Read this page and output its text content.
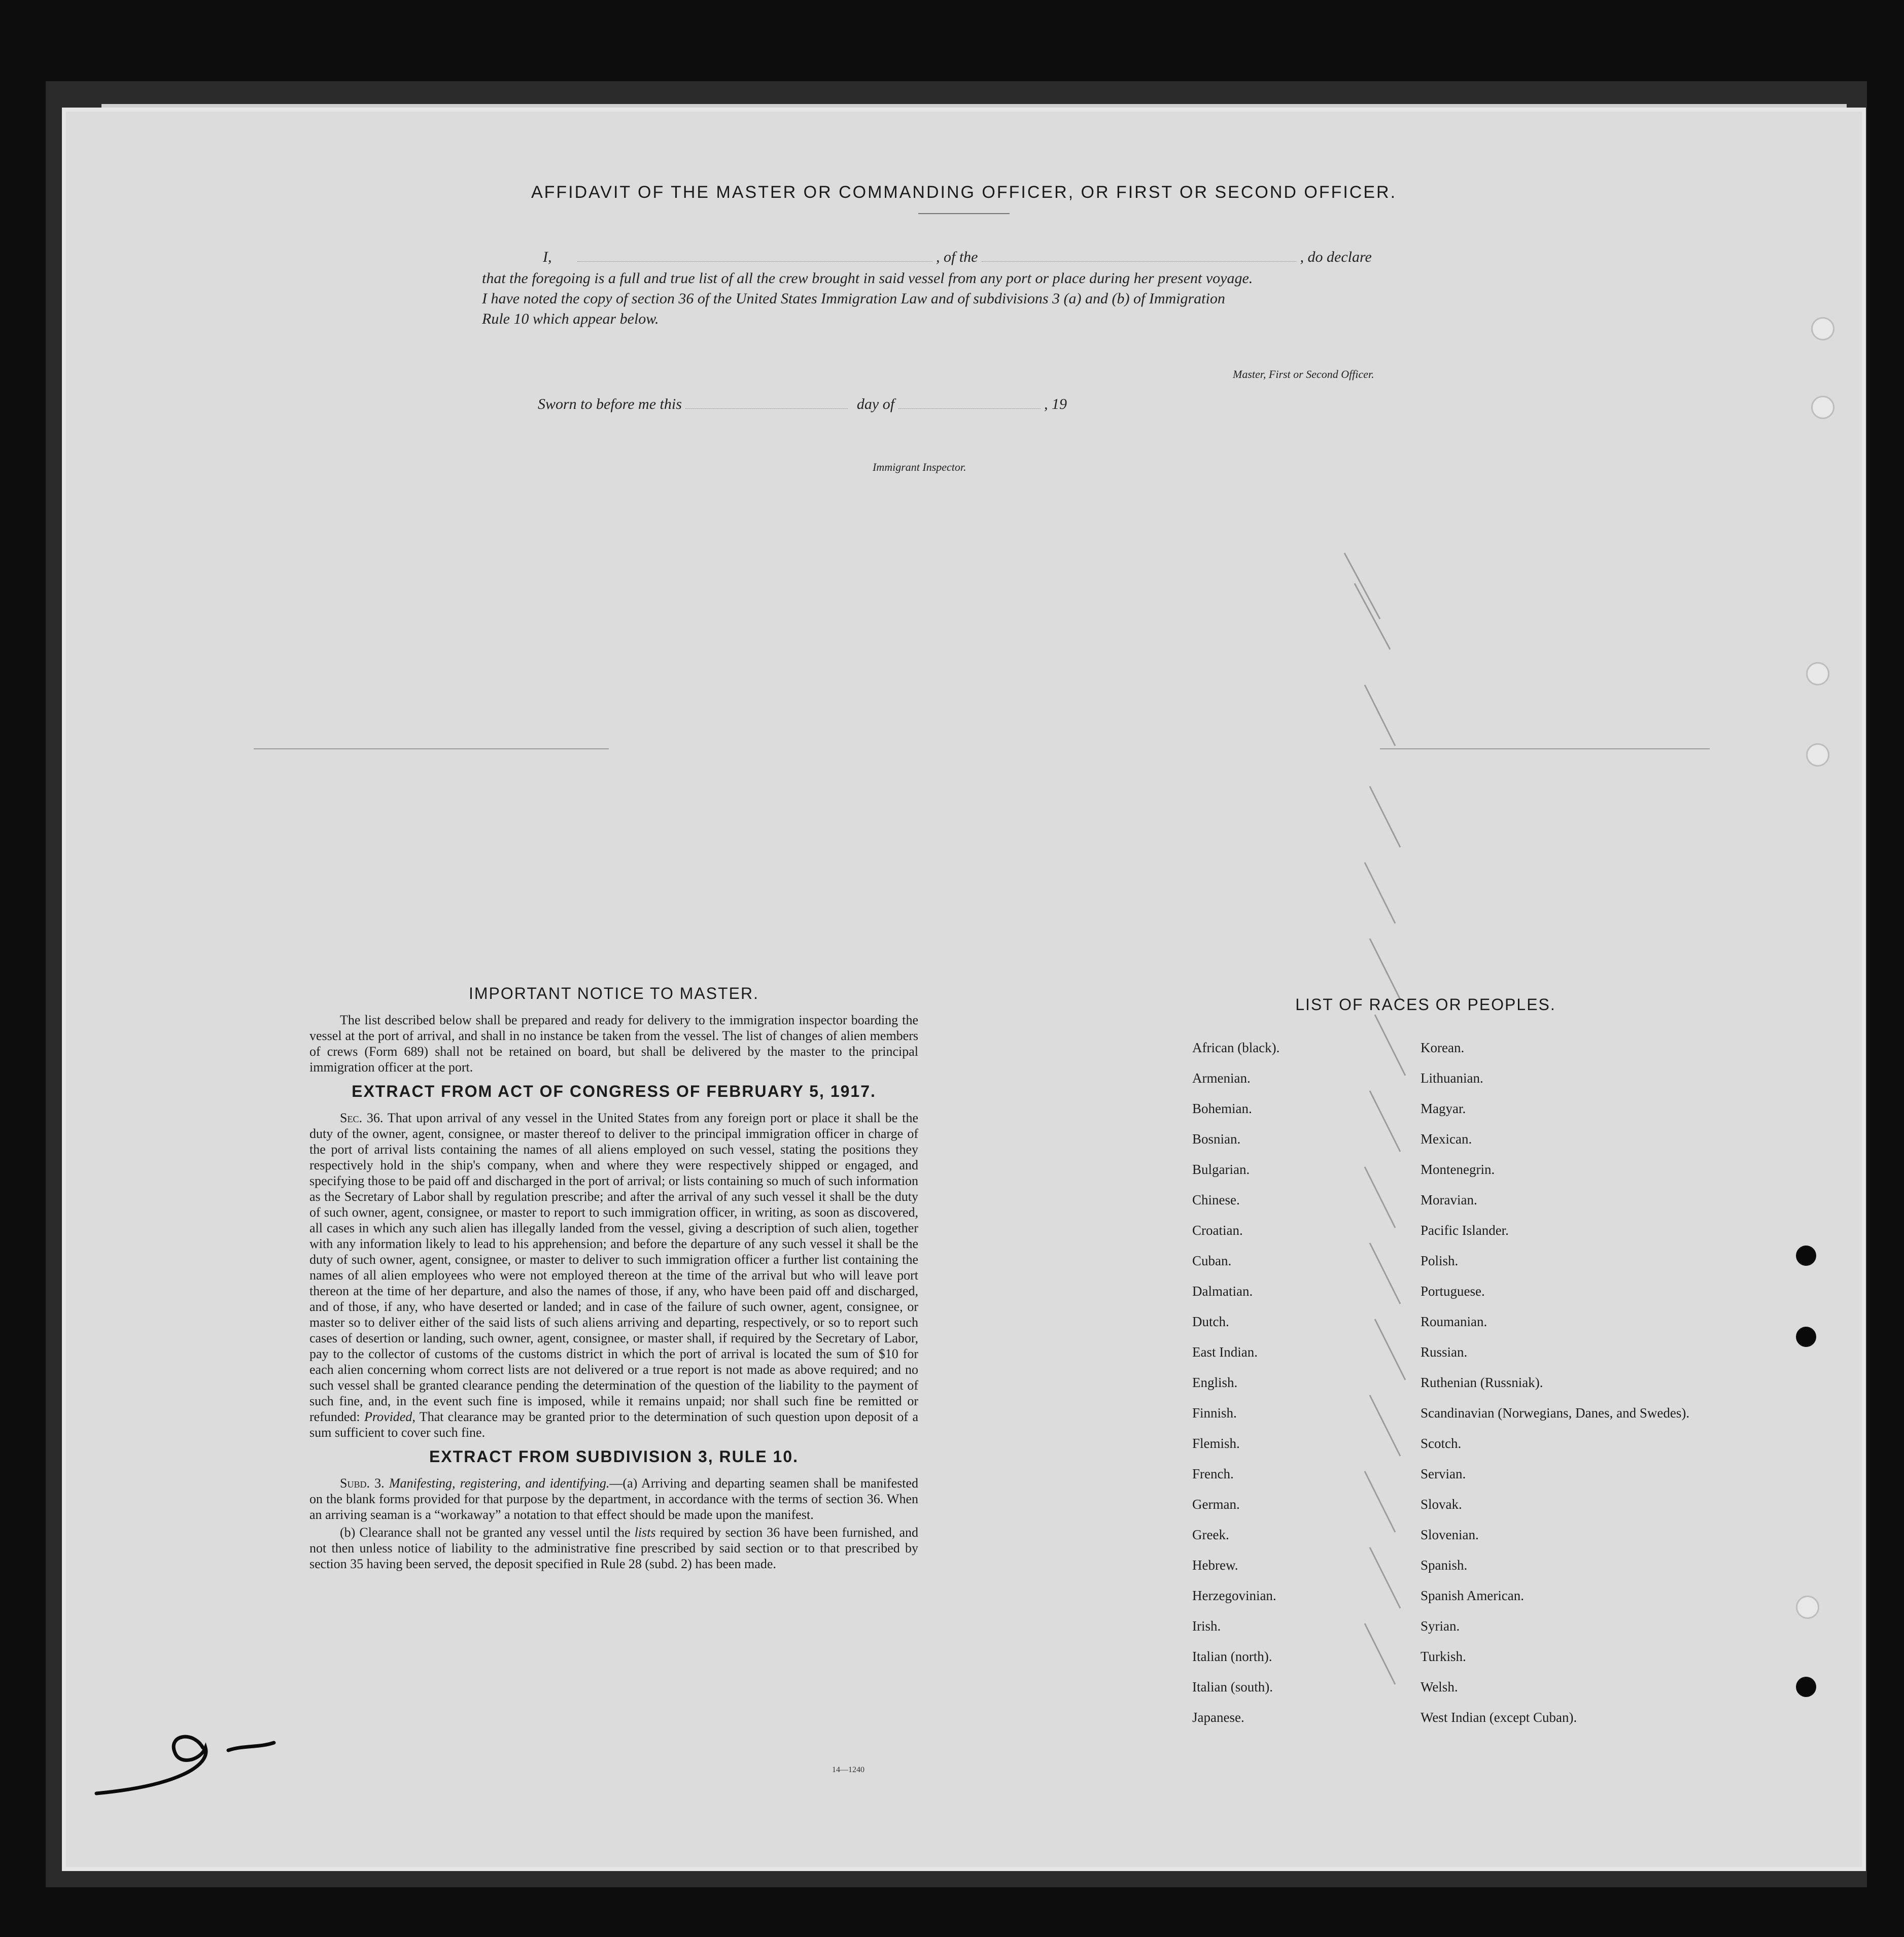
AFFIDAVIT OF THE MASTER OR COMMANDING OFFICER, OR FIRST OR SECOND OFFICER.
I,	, of the	, do declare
that the foregoing is a full and true list of all the crew brought in said vessel from any port or place during her present voyage.
I have noted the copy of section 36 of the United States Immigration Law and of subdivisions 3 (a) and (b) of Immigration
Rule 10 which appear below.
Master, First or Second Officer.
Sworn to before me this	day of	, 19
Immigrant Inspector.
IMPORTANT NOTICE TO MASTER.

The list described below shall be prepared and ready for delivery to the immigration inspector boarding the vessel at the port of arrival, and shall in no instance be taken from the vessel. The list of changes of alien members of crews (Form 689) shall not be retained on board, but shall be delivered by the master to the principal immigration officer at the port.

EXTRACT FROM ACT OF CONGRESS OF FEBRUARY 5, 1917.

Sec. 36. That upon arrival of any vessel in the United States from any foreign port or place it shall be the duty of the owner, agent, consignee, or master thereof to deliver to the principal immigration officer in charge of the port of arrival lists containing the names of all aliens employed on such vessel, stating the positions they respectively hold in the ship's company, when and where they were respectively shipped or engaged, and specifying those to be paid off and discharged in the port of arrival; or lists containing so much of such information as the Secretary of Labor shall by regulation prescribe; and after the arrival of any such vessel it shall be the duty of such owner, agent, consignee, or master to report to such immigration officer, in writing, as soon as discovered, all cases in which any such alien has illegally landed from the vessel, giving a description of such alien, together with any information likely to lead to his apprehension; and before the departure of any such vessel it shall be the duty of such owner, agent, consignee, or master to deliver to such immigration officer a further list containing the names of all alien employees who were not employed thereon at the time of the arrival but who will leave port thereon at the time of her departure, and also the names of those, if any, who have been paid off and discharged, and of those, if any, who have deserted or landed; and in case of the failure of such owner, agent, consignee, or master so to deliver either of the said lists of such aliens arriving and departing, respectively, or so to report such cases of desertion or landing, such owner, agent, consignee, or master shall, if required by the Secretary of Labor, pay to the collector of customs of the customs district in which the port of arrival is located the sum of $10 for each alien concerning whom correct lists are not delivered or a true report is not made as above required; and no such vessel shall be granted clearance pending the determination of the question of the liability to the payment of such fine, and, in the event such fine is imposed, while it remains unpaid; nor shall such fine be remitted or refunded: Provided, That clearance may be granted prior to the determination of such question upon deposit of a sum sufficient to cover such fine.

EXTRACT FROM SUBDIVISION 3, RULE 10.

Subd. 3. Manifesting, registering, and identifying.—(a) Arriving and departing seamen shall be manifested on the blank forms provided for that purpose by the department, in accordance with the terms of section 36. When an arriving seaman is a “workaway” a notation to that effect should be made upon the manifest.

(b) Clearance shall not be granted any vessel until the lists required by section 36 have been furnished, and not then unless notice of liability to the administrative fine prescribed by said section or to that prescribed by section 35 having been served, the deposit specified in Rule 28 (subd. 2) has been made.

14—1240
LIST OF RACES OR PEOPLES.
African (black).
Armenian.
Bohemian.
Bosnian.
Bulgarian.
Chinese.
Croatian.
Cuban.
Dalmatian.
Dutch.
East Indian.
English.
Finnish.
Flemish.
French.
German.
Greek.
Hebrew.
Herzegovinian.
Irish.
Italian (north).
Italian (south).
Japanese.
Korean.
Lithuanian.
Magyar.
Mexican.
Montenegrin.
Moravian.
Pacific Islander.
Polish.
Portuguese.
Roumanian.
Russian.
Ruthenian (Russniak).
Scandinavian (Norwegians, Danes, and Swedes).
Scotch.
Servian.
Slovak.
Slovenian.
Spanish.
Spanish American.
Syrian.
Turkish.
Welsh.
West Indian (except Cuban).
